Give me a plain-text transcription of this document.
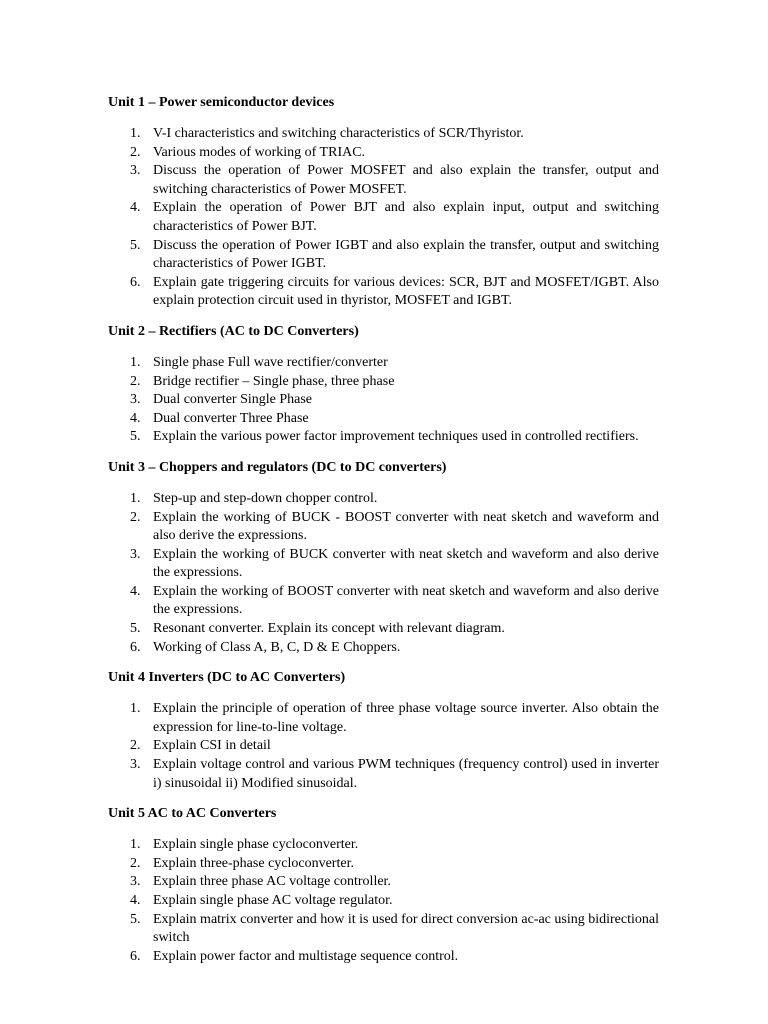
Unit 1 – Power semiconductor devices
1. V-I characteristics and switching characteristics of SCR/Thyristor.
2. Various modes of working of TRIAC.
3. Discuss the operation of Power MOSFET and also explain the transfer, output and switching characteristics of Power MOSFET.
4. Explain the operation of Power BJT and also explain input, output and switching characteristics of Power BJT.
5. Discuss the operation of Power IGBT and also explain the transfer, output and switching characteristics of Power IGBT.
6. Explain gate triggering circuits for various devices: SCR, BJT and MOSFET/IGBT. Also explain protection circuit used in thyristor, MOSFET and IGBT.
Unit 2 – Rectifiers (AC to DC Converters)
1. Single phase Full wave rectifier/converter
2. Bridge rectifier – Single phase, three phase
3. Dual converter Single Phase
4. Dual converter Three Phase
5. Explain the various power factor improvement techniques used in controlled rectifiers.
Unit 3 – Choppers and regulators (DC to DC converters)
1. Step-up and step-down chopper control.
2. Explain the working of BUCK - BOOST converter with neat sketch and waveform and also derive the expressions.
3. Explain the working of BUCK converter with neat sketch and waveform and also derive the expressions.
4. Explain the working of BOOST converter with neat sketch and waveform and also derive the expressions.
5. Resonant converter. Explain its concept with relevant diagram.
6. Working of Class A, B, C, D & E Choppers.
Unit 4 Inverters (DC to AC Converters)
1. Explain the principle of operation of three phase voltage source inverter. Also obtain the expression for line-to-line voltage.
2. Explain CSI in detail
3. Explain voltage control and various PWM techniques (frequency control) used in inverter i) sinusoidal ii) Modified sinusoidal.
Unit 5 AC to AC Converters
1. Explain single phase cycloconverter.
2. Explain three-phase cycloconverter.
3. Explain three phase AC voltage controller.
4. Explain single phase AC voltage regulator.
5. Explain matrix converter and how it is used for direct conversion ac-ac using bidirectional switch
6. Explain power factor and multistage sequence control.
